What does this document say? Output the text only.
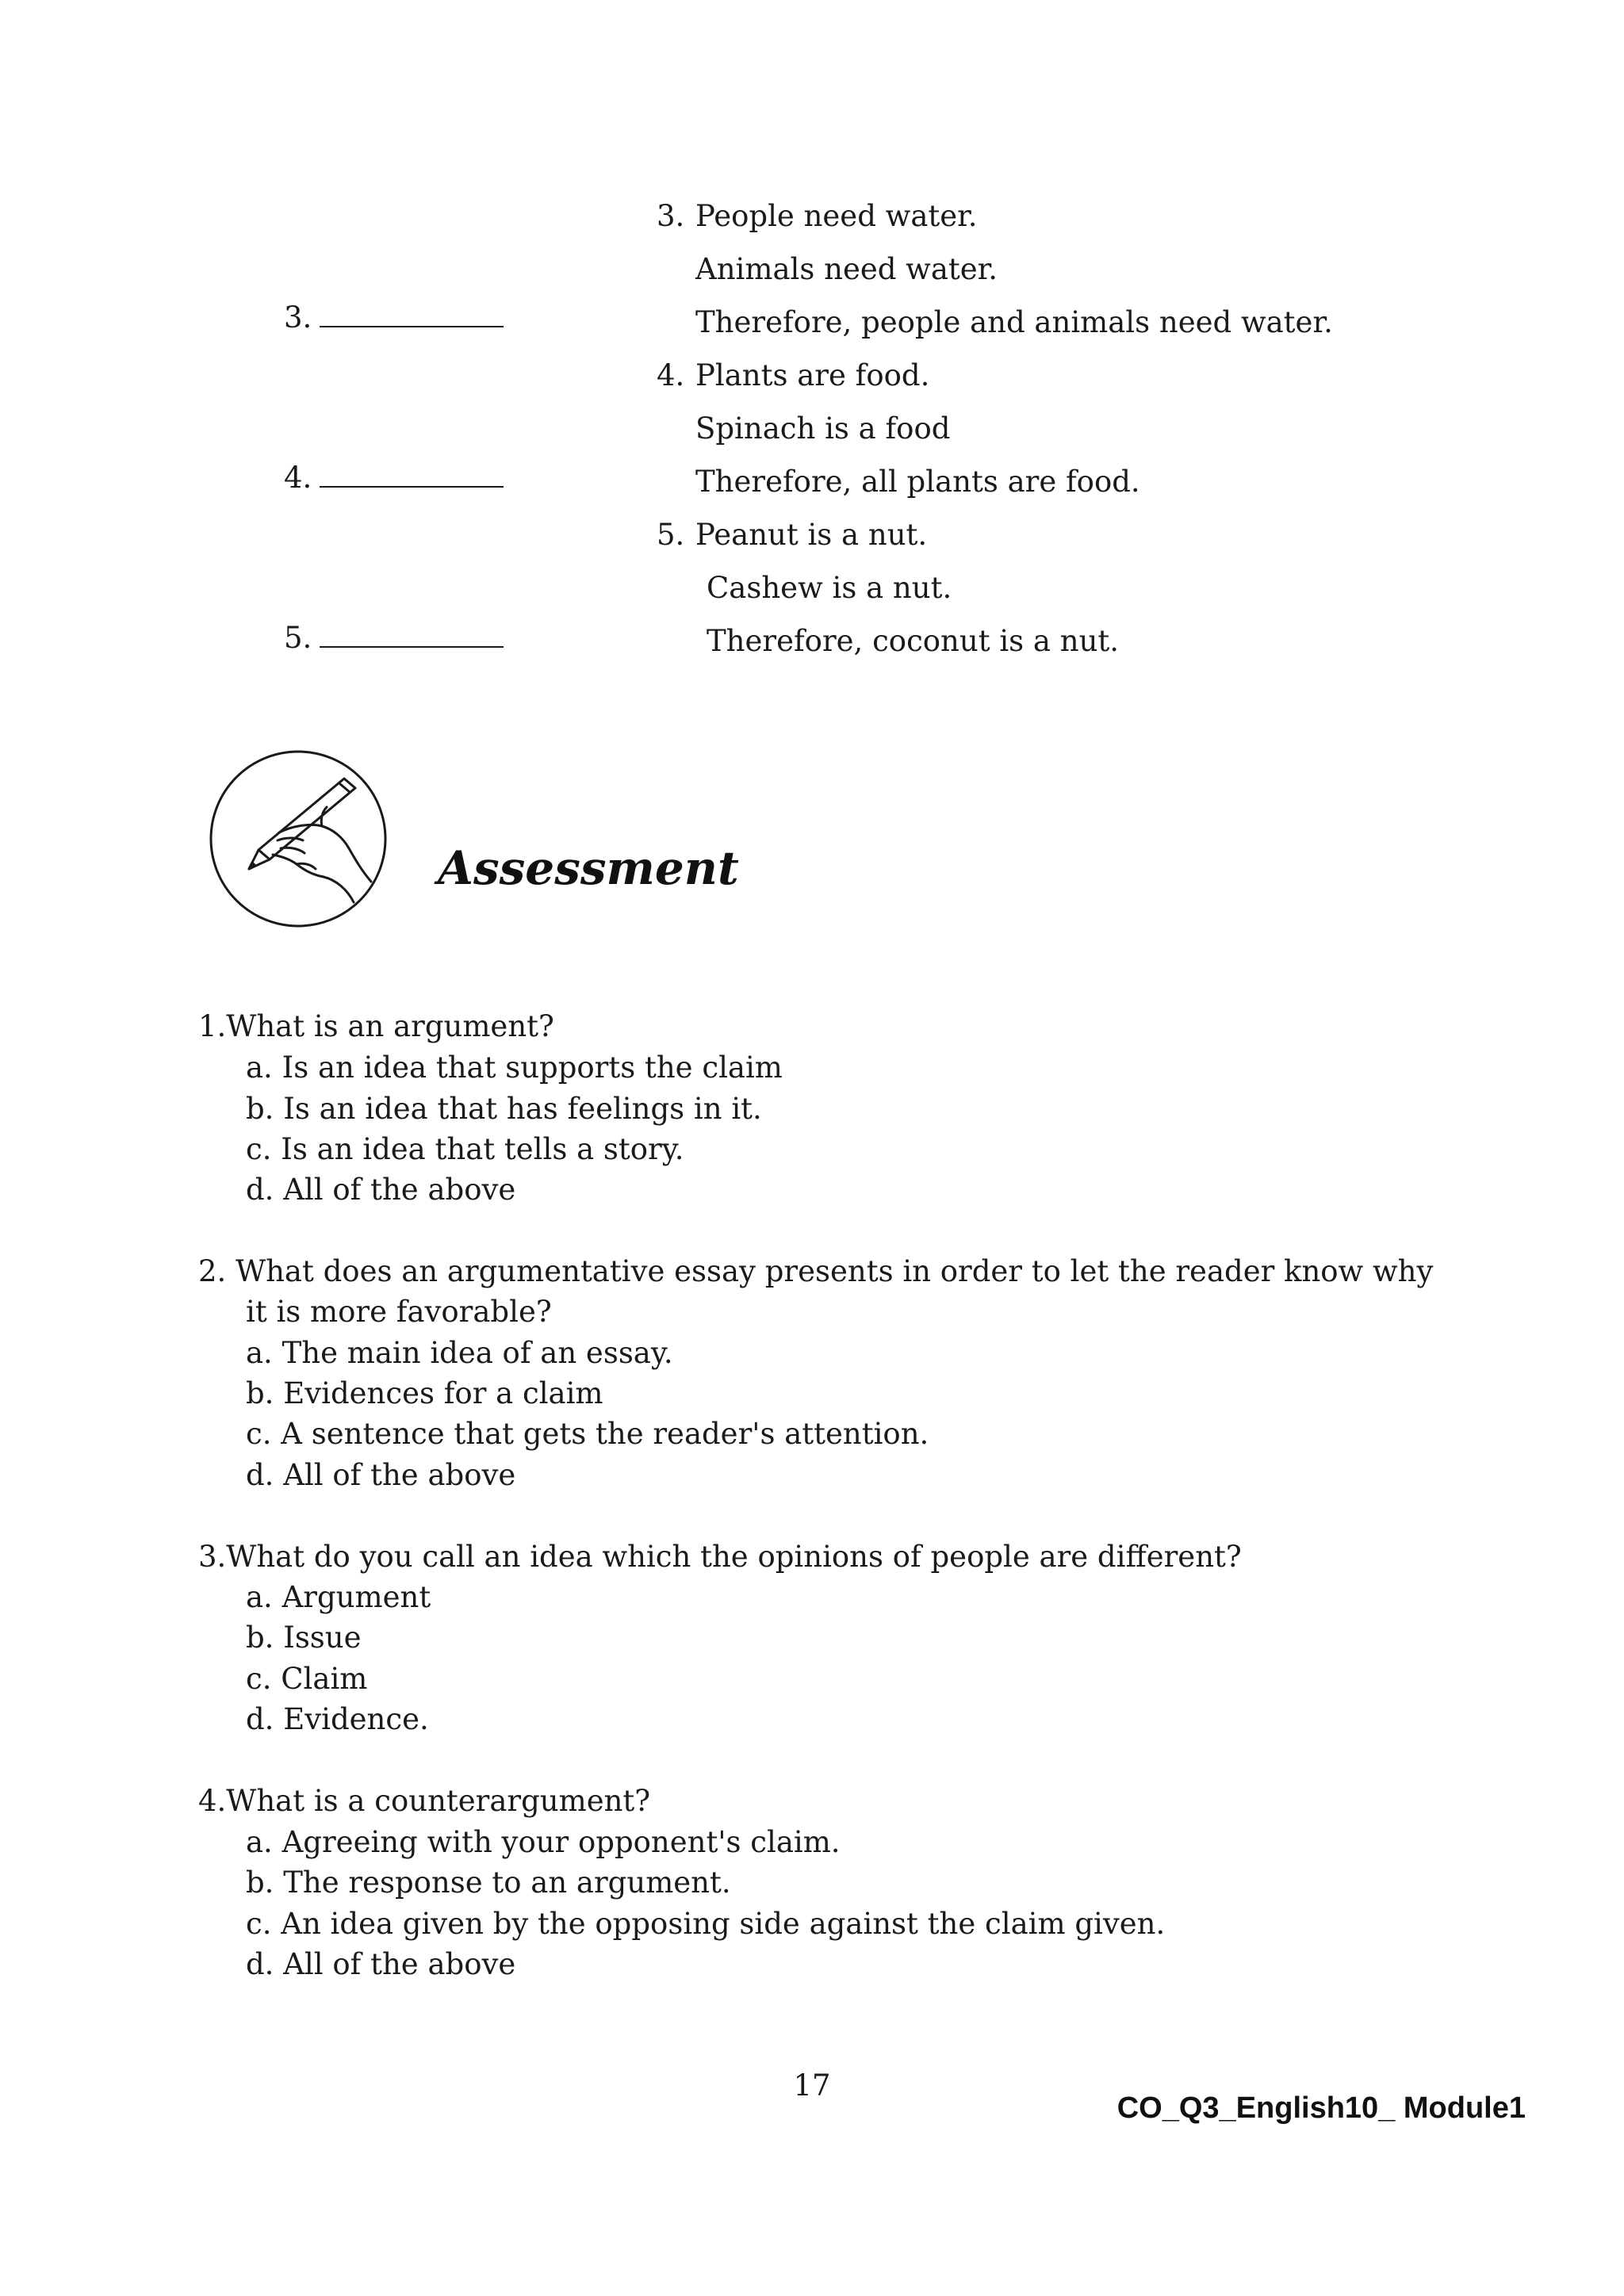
3.
4.
5.
3. People need water.
Animals need water.
Therefore, people and animals need water.
4. Plants are food.
Spinach is a food
Therefore, all plants are food.
5. Peanut is a nut.
Cashew is a nut.
Therefore, coconut is a nut.
Assessment
1.What is an argument?
a. Is an idea that supports the claim
b. Is an idea that has feelings in it.
c. Is an idea that tells a story.
d. All of the above
2. What does an argumentative essay presents in order to let the reader know why
it is more favorable?
a. The main idea of an essay.
b. Evidences for a claim
c. A sentence that gets the reader's attention.
d. All of the above
3.What do you call an idea which the opinions of people are different?
a. Argument
b. Issue
c. Claim
d. Evidence.
4.What is a counterargument?
a. Agreeing with your opponent's claim.
b. The response to an argument.
c. An idea given by the opposing side against the claim given.
d. All of the above
17
CO_Q3_English10_ Module1
